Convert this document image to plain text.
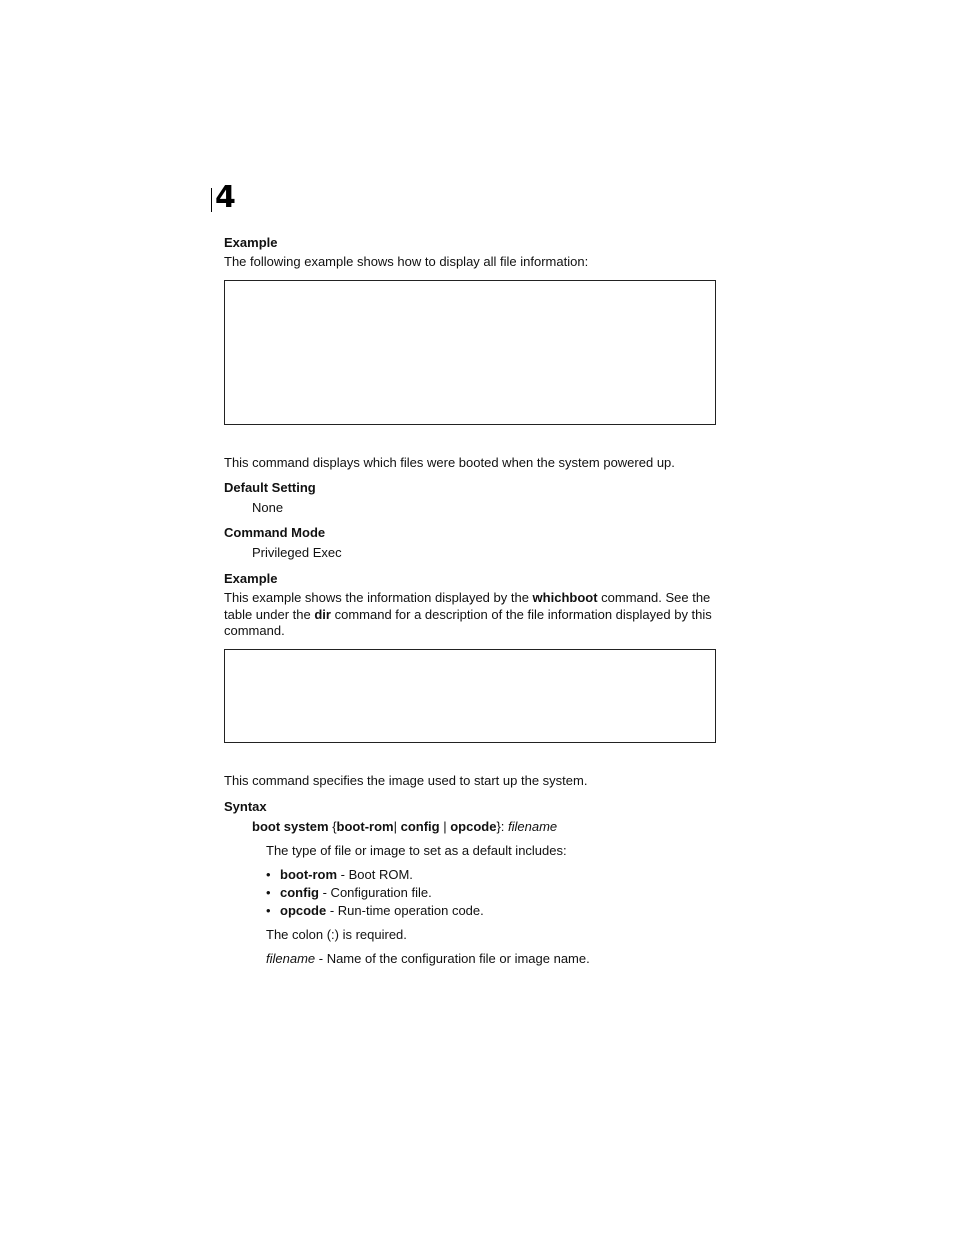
4
Example
The following example shows how to display all file information:
This command displays which files were booted when the system powered up.
Default Setting
None
Command Mode
Privileged Exec
Example
This example shows the information displayed by the whichboot command. See the table under the dir command for a description of the file information displayed by this command.
This command specifies the image used to start up the system.
Syntax
boot system {boot-rom| config | opcode}: filename
The type of file or image to set as a default includes:
• boot-rom - Boot ROM.
• config - Configuration file.
• opcode - Run-time operation code.
The colon (:) is required.
filename - Name of the configuration file or image name.
